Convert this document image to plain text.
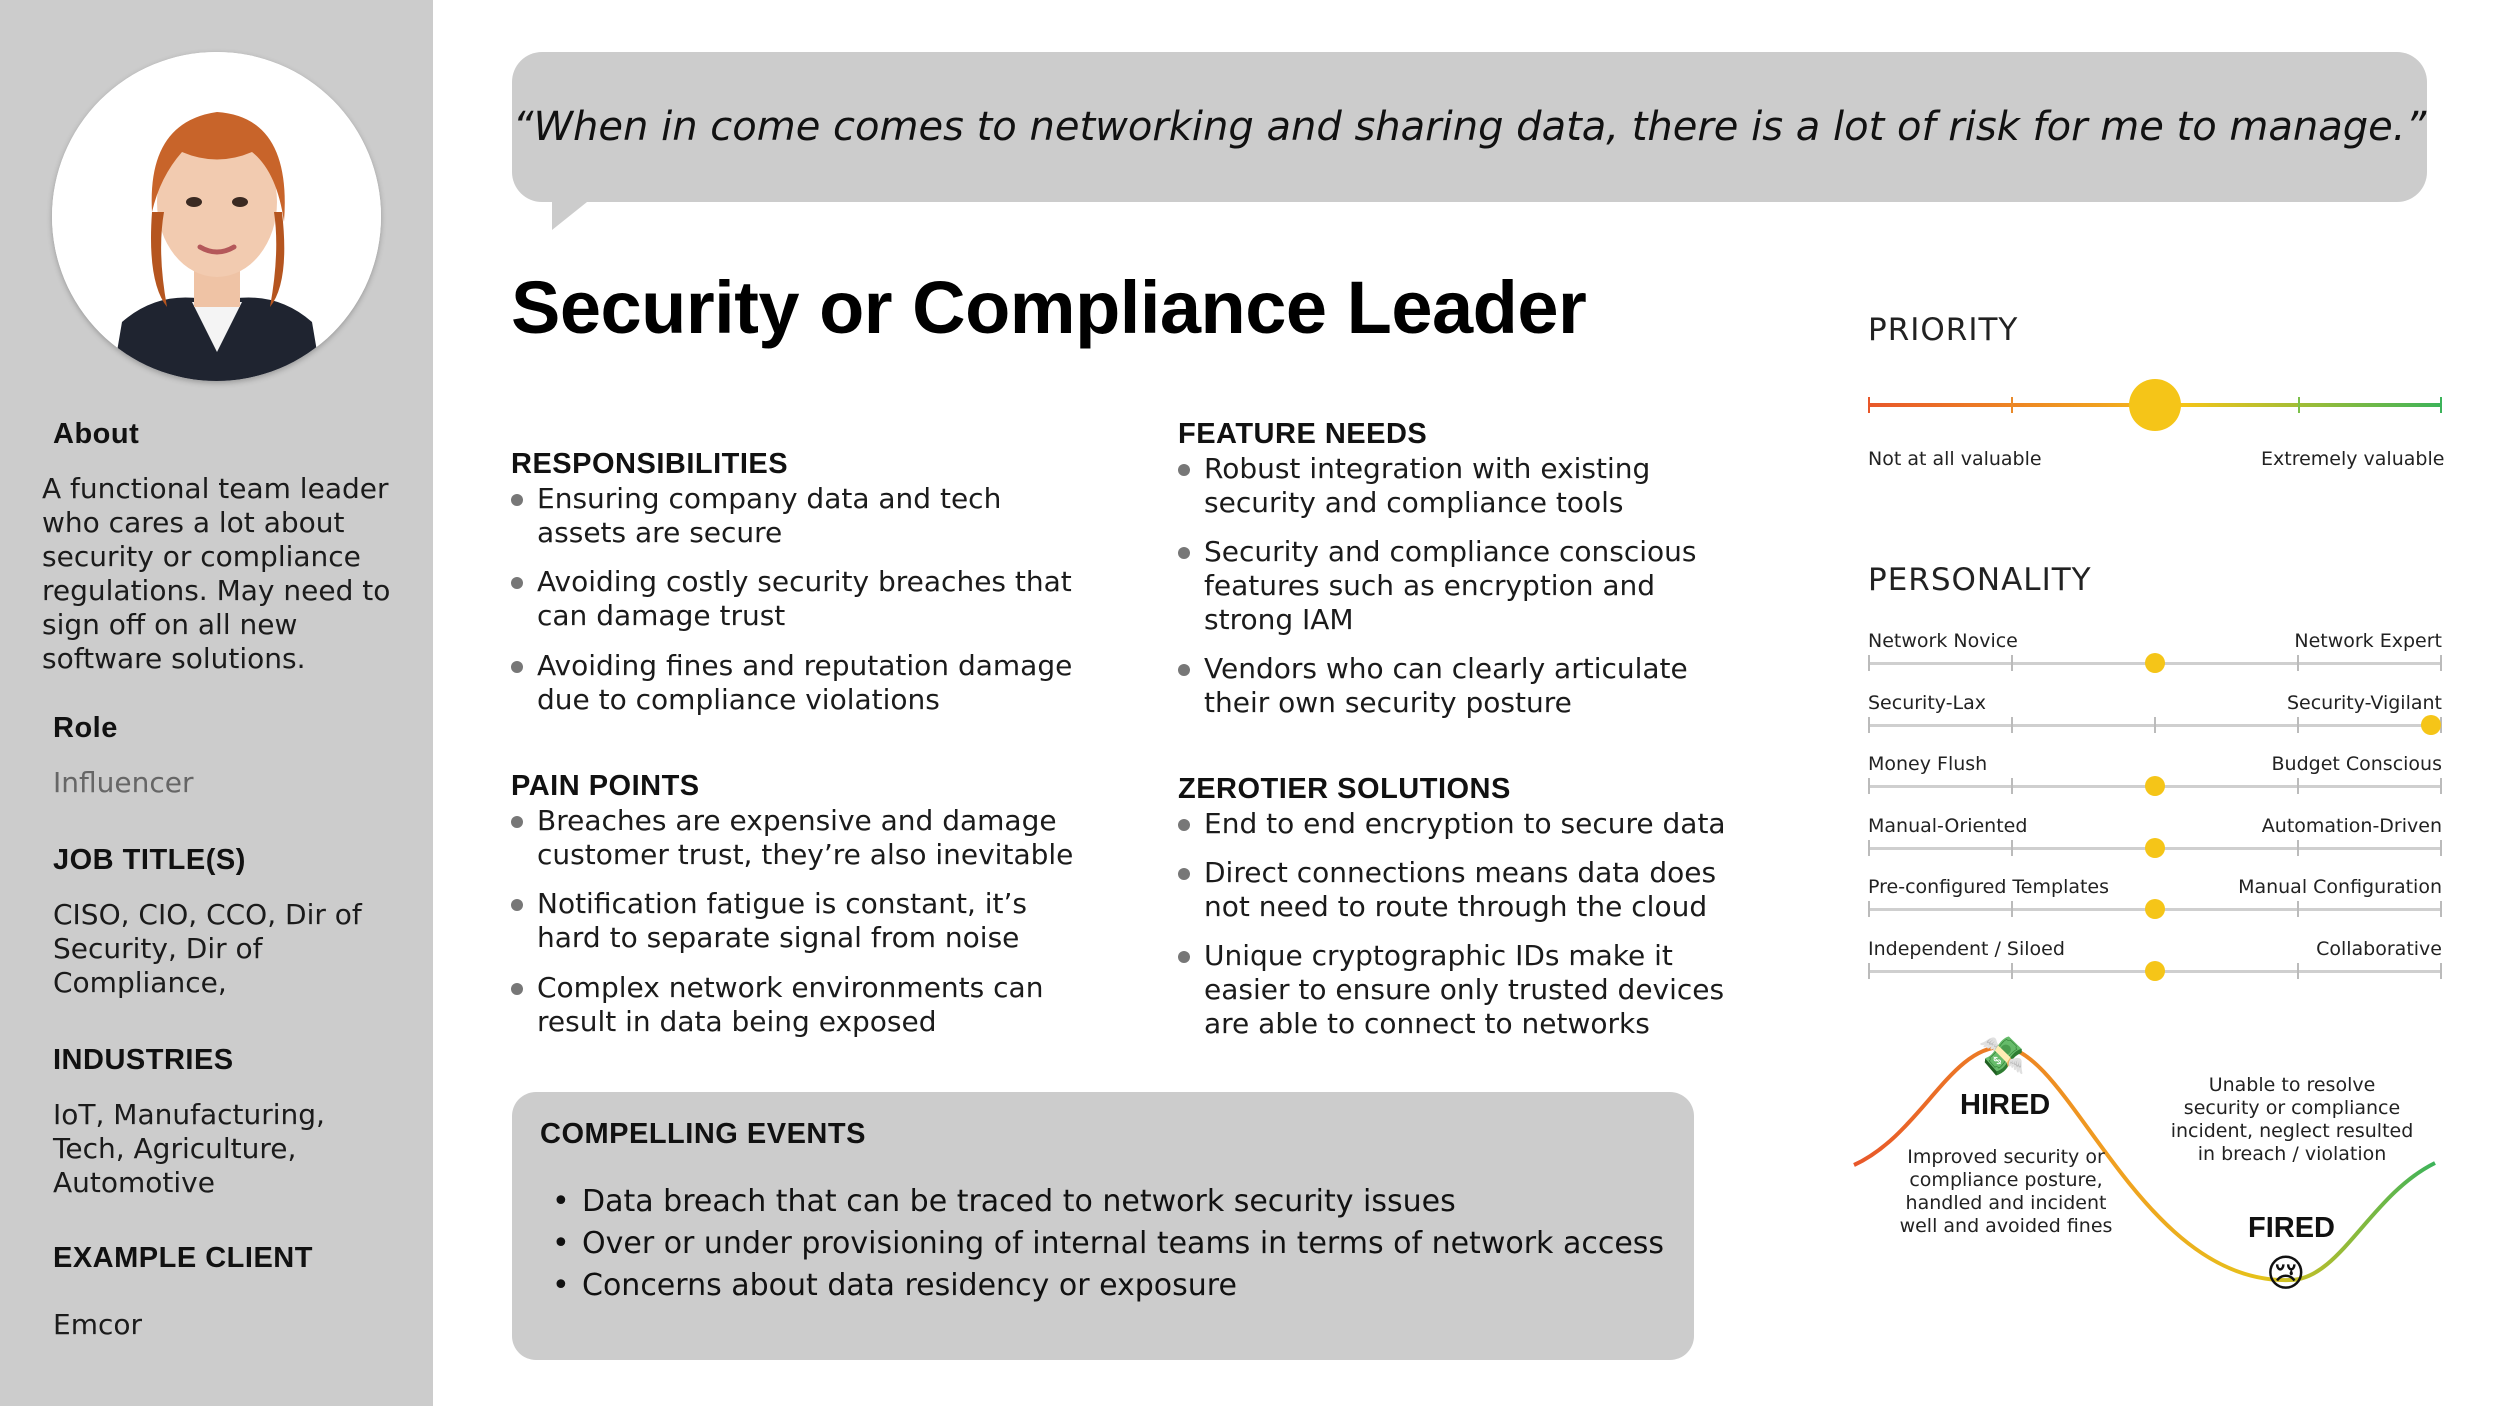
About
A functional team leader who cares a lot about security or compliance regulations. May need to sign off on all new software solutions.
Role
Influencer
JOB TITLE(S)
CISO, CIO, CCO, Dir of Security, Dir of Compliance,
INDUSTRIES
IoT, Manufacturing, Tech, Agriculture, Automotive
EXAMPLE CLIENT
Emcor
“When in come comes to networking and sharing data, there is a lot of risk for me to manage.”
Security or Compliance Leader
RESPONSIBILITIES
Ensuring company data and tech assets are secure
Avoiding costly security breaches that can damage trust
Avoiding fines and reputation damage due to compliance violations
PAIN POINTS
Breaches are expensive and damage customer trust, they’re also inevitable
Notification fatigue is constant, it’s hard to separate signal from noise
Complex network environments can result in data being exposed
FEATURE NEEDS
Robust integration with existing security and compliance tools
Security and compliance conscious features such as encryption and strong IAM
Vendors who can clearly articulate their own security posture
ZEROTIER SOLUTIONS
End to end encryption to secure data
Direct connections means data does not need to route through the cloud
Unique cryptographic IDs make it easier to ensure only trusted devices are able to connect to networks
COMPELLING EVENTS
• Data breach that can be traced to network security issues
• Over or under provisioning of internal teams in terms of network access
• Concerns about data residency or exposure
PRIORITY
Not at all valuable	Extremely valuable
PERSONALITY
Network Novice	Network Expert
Security-Lax	Security-Vigilant
Money Flush	Budget Conscious
Manual-Oriented	Automation-Driven
Pre-configured Templates	Manual Configuration
Independent / Siloed	Collaborative
💸
HIRED
Improved security or compliance posture, handled and incident well and avoided fines
Unable to resolve security or compliance incident, neglect resulted in breach / violation
FIRED
😢
